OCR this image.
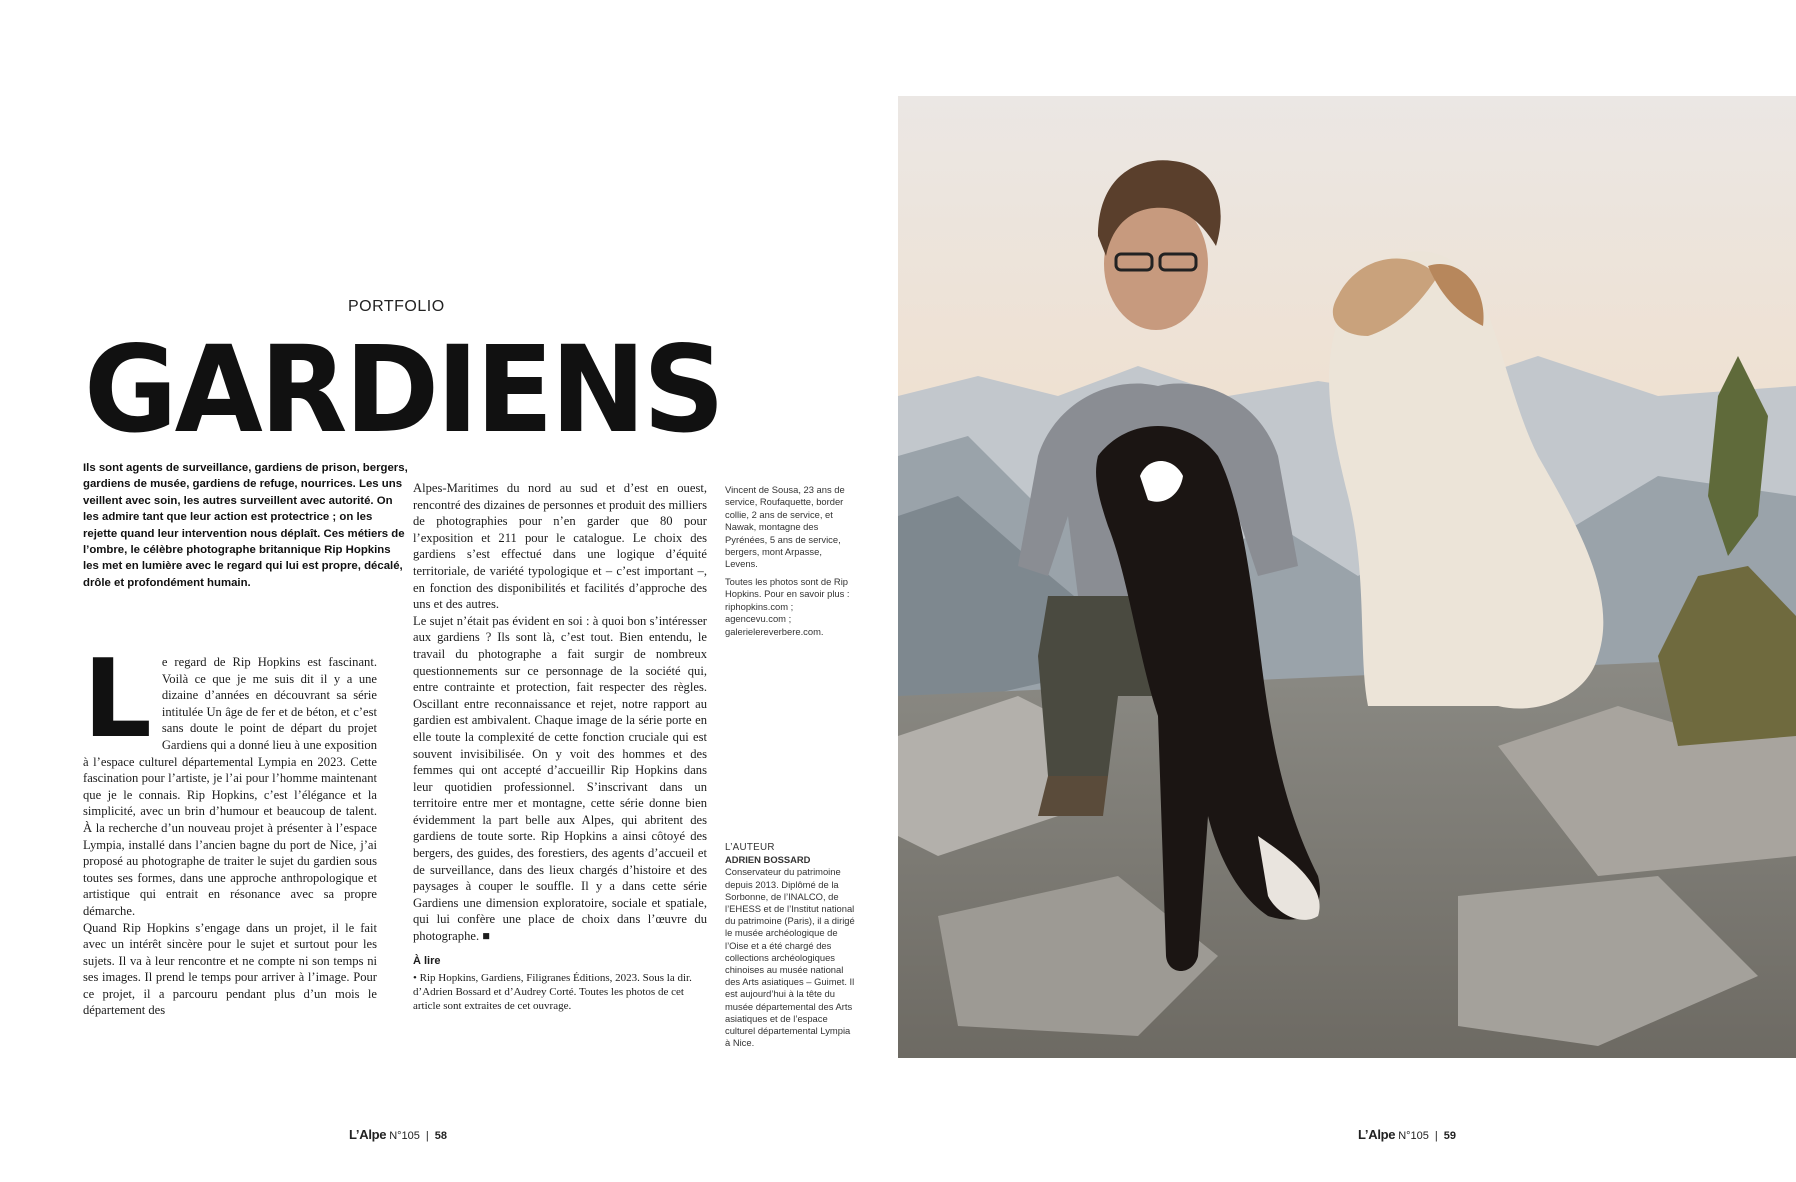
PORTFOLIO
GARDIENS
Ils sont agents de surveillance, gardiens de prison, bergers, gardiens de musée, gardiens de refuge, nourrices. Les uns veillent avec soin, les autres surveillent avec autorité. On les admire tant que leur action est protectrice ; on les rejette quand leur intervention nous déplaît. Ces métiers de l’ombre, le célèbre photographe britannique Rip Hopkins les met en lumière avec le regard qui lui est propre, décalé, drôle et profondément humain.
L e regard de Rip Hopkins est fascinant. Voilà ce que je me suis dit il y a une dizaine d’années en découvrant sa série intitulée Un âge de fer et de béton, et c’est sans doute le point de départ du projet Gardiens qui a donné lieu à une exposition à l’espace culturel départemental Lympia en 2023. Cette fascination pour l’artiste, je l’ai pour l’homme maintenant que je le connais. Rip Hopkins, c’est l’élégance et la simplicité, avec un brin d’humour et beaucoup de talent. À la recherche d’un nouveau projet à présenter à l’espace Lympia, installé dans l’ancien bagne du port de Nice, j’ai proposé au photographe de traiter le sujet du gardien sous toutes ses formes, dans une approche anthropologique et artistique qui entrait en résonance avec sa propre démarche.

Quand Rip Hopkins s’engage dans un projet, il le fait avec un intérêt sincère pour le sujet et surtout pour les sujets. Il va à leur rencontre et ne compte ni son temps ni ses images. Il prend le temps pour arriver à l’image. Pour ce projet, il a parcouru pendant plus d’un mois le département des

Alpes-Maritimes du nord au sud et d’est en ouest, rencontré des dizaines de personnes et produit des milliers de photographies pour n’en garder que 80 pour l’exposition et 211 pour le catalogue. Le choix des gardiens s’est effectué dans une logique d’équité territoriale, de variété typologique et – c’est important –, en fonction des disponibilités et facilités d’approche des uns et des autres.

Le sujet n’était pas évident en soi : à quoi bon s’intéresser aux gardiens ? Ils sont là, c’est tout. Bien entendu, le travail du photographe a fait surgir de nombreux questionnements sur ce personnage de la société qui, entre contrainte et protection, fait respecter des règles. Oscillant entre reconnaissance et rejet, notre rapport au gardien est ambivalent. Chaque image de la série porte en elle toute la complexité de cette fonction cruciale qui est souvent invisibilisée. On y voit des hommes et des femmes qui ont accepté d’accueillir Rip Hopkins dans leur quotidien professionnel. S’inscrivant dans un territoire entre mer et montagne, cette série donne bien évidemment la part belle aux Alpes, qui abritent des gardiens de toute sorte. Rip Hopkins a ainsi côtoyé des bergers, des guides, des forestiers, des agents d’accueil et de surveillance, dans des lieux chargés d’histoire et des paysages à couper le souffle. Il y a dans cette série Gardiens une dimension exploratoire, sociale et spatiale, qui lui confère une place de choix dans l’œuvre du photographe. ■

À lire
• Rip Hopkins, Gardiens, Filigranes Éditions, 2023. Sous la dir. d’Adrien Bossard et d’Audrey Corté. Toutes les photos de cet article sont extraites de cet ouvrage.
Vincent de Sousa, 23 ans de service, Roufaquette, border collie, 2 ans de service, et Nawak, montagne des Pyrénées, 5 ans de service, bergers, mont Arpasse, Levens.
Toutes les photos sont de Rip Hopkins. Pour en savoir plus : riphopkins.com ; agencevu.com ; galerielereverbere.com.
L’AUTEUR
ADRIEN BOSSARD
Conservateur du patrimoine depuis 2013. Diplômé de la Sorbonne, de l’INALCO, de l’EHESS et de l’Institut national du patrimoine (Paris), il a dirigé le musée archéologique de l’Oise et a été chargé des collections archéologiques chinoises au musée national des Arts asiatiques – Guimet. Il est aujourd’hui à la tête du musée départemental des Arts asiatiques et de l’espace culturel départemental Lympia à Nice.
L’Alpe N°105 | 58	L’Alpe N°105 | 59
